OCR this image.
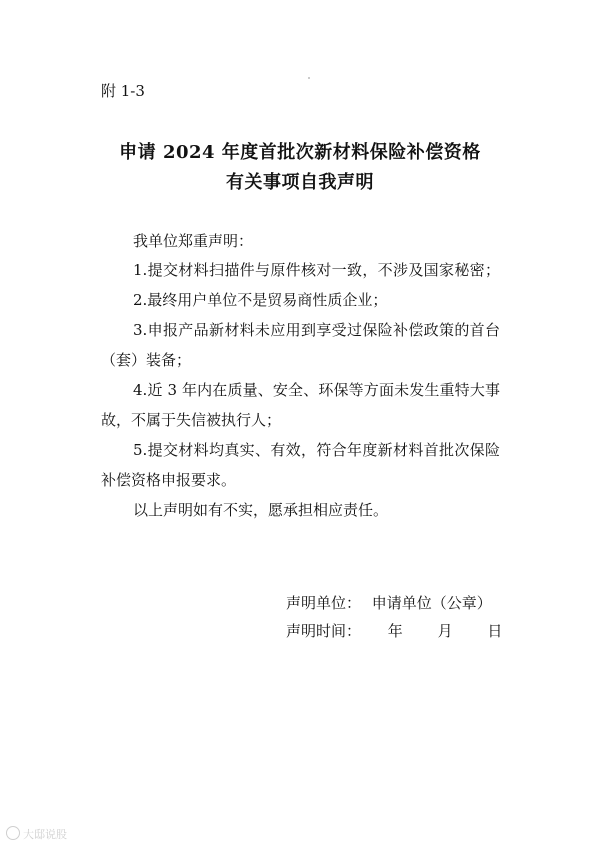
附 1-3
申请 2024 年度首批次新材料保险补偿资格
有关事项自我声明
我单位郑重声明：
1.提交材料扫描件与原件核对一致，不涉及国家秘密；
2.最终用户单位不是贸易商性质企业；
3.申报产品新材料未应用到享受过保险补偿政策的首台
（套）装备；
4.近 3 年内在质量、安全、环保等方面未发生重特大事
故，不属于失信被执行人；
5.提交材料均真实、有效，符合年度新材料首批次保险
补偿资格申报要求。
以上声明如有不实，愿承担相应责任。
声明单位： 申请单位（公章）
声明时间： 年 月 日
大邸说股
